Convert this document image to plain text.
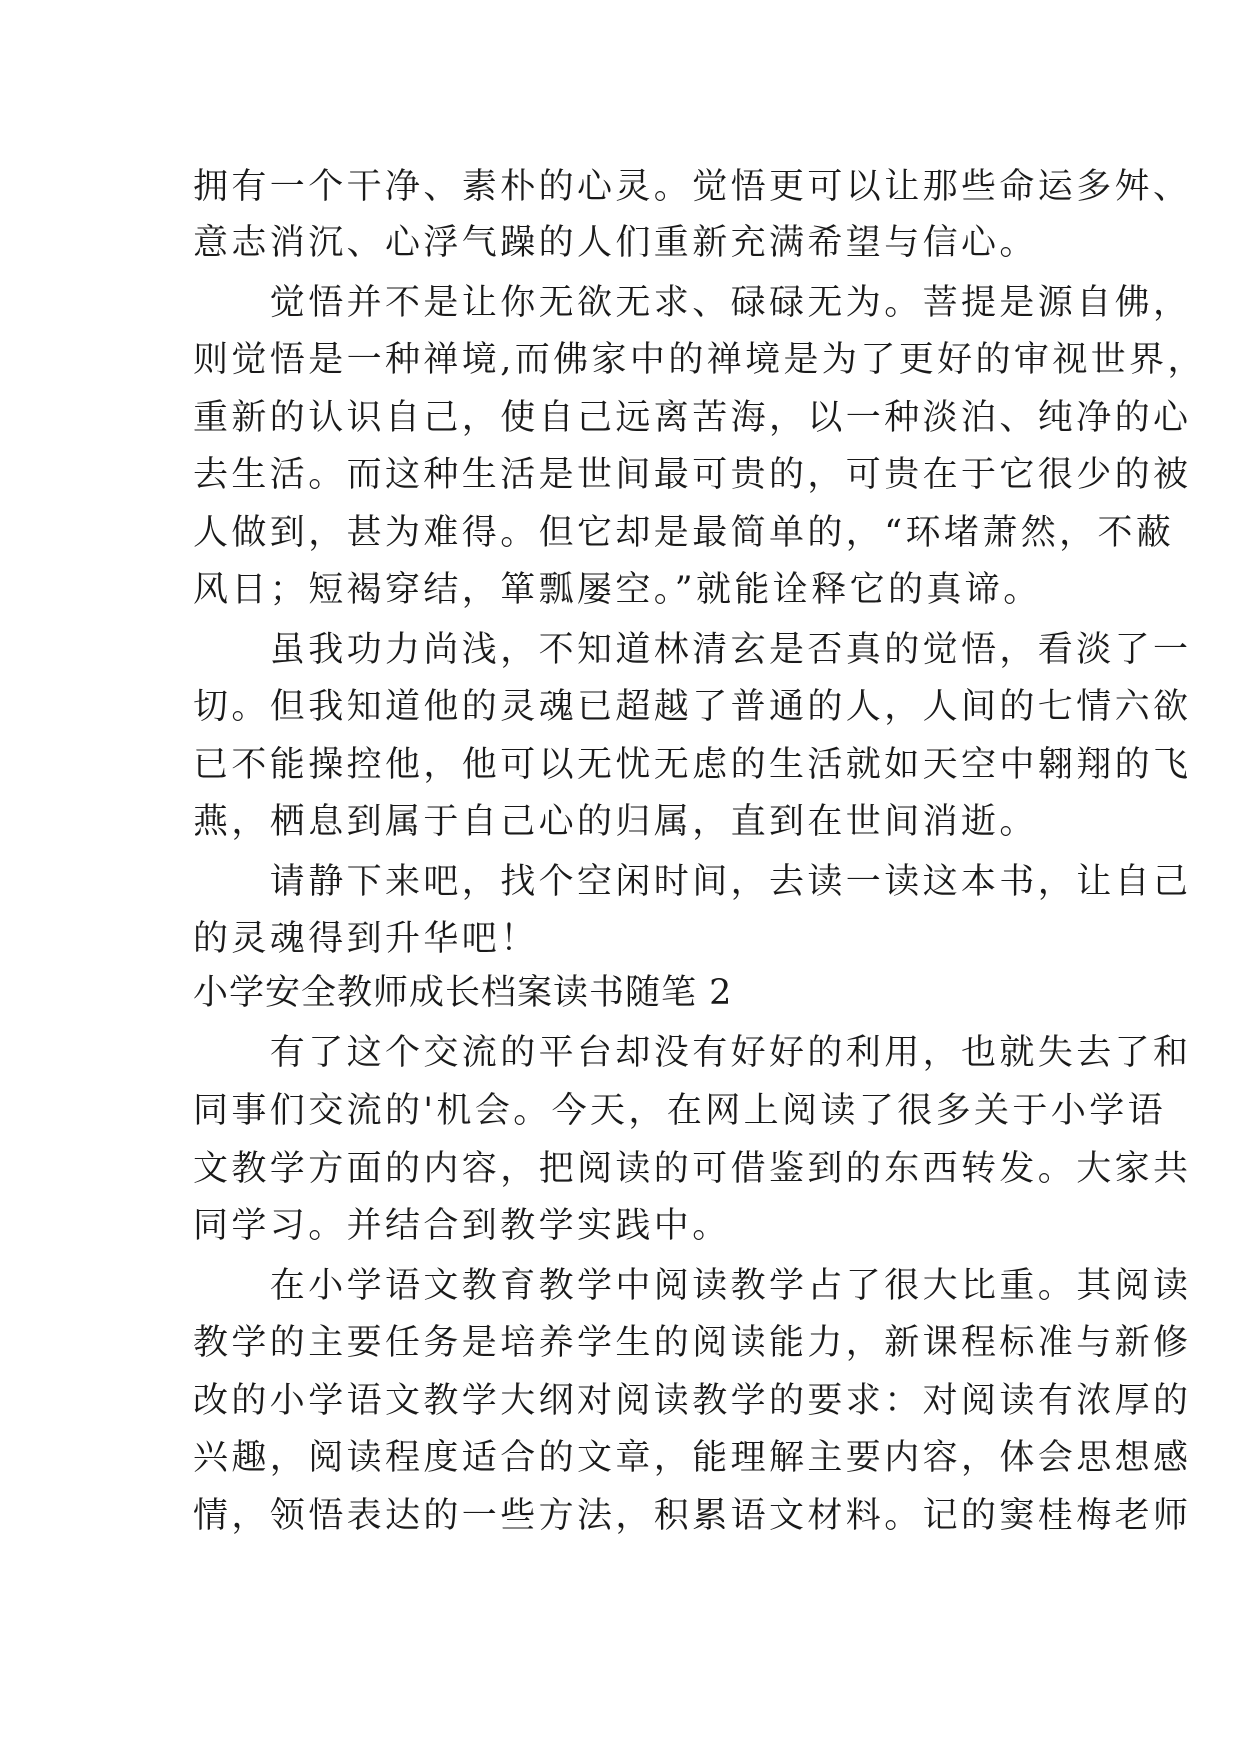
拥有一个干净、素朴的心灵。觉悟更可以让那些命运多舛、
意志消沉、心浮气躁的人们重新充满希望与信心。
　　觉悟并不是让你无欲无求、碌碌无为。菩提是源自佛，
则觉悟是一种禅境,而佛家中的禅境是为了更好的审视世界，
重新的认识自己，使自己远离苦海，以一种淡泊、纯净的心
去生活。而这种生活是世间最可贵的，可贵在于它很少的被
人做到，甚为难得。但它却是最简单的，“环堵萧然，不蔽
风日；短褐穿结，箪瓢屡空。”就能诠释它的真谛。
　　虽我功力尚浅，不知道林清玄是否真的觉悟，看淡了一
切。但我知道他的灵魂已超越了普通的人，人间的七情六欲
已不能操控他，他可以无忧无虑的生活就如天空中翱翔的飞
燕，栖息到属于自己心的归属，直到在世间消逝。
　　请静下来吧，找个空闲时间，去读一读这本书，让自己
的灵魂得到升华吧！
小学安全教师成长档案读书随笔 2
　　有了这个交流的平台却没有好好的利用，也就失去了和
同事们交流的'机会。今天，在网上阅读了很多关于小学语
文教学方面的内容，把阅读的可借鉴到的东西转发。大家共
同学习。并结合到教学实践中。
　　在小学语文教育教学中阅读教学占了很大比重。其阅读
教学的主要任务是培养学生的阅读能力，新课程标准与新修
改的小学语文教学大纲对阅读教学的要求：对阅读有浓厚的
兴趣，阅读程度适合的文章，能理解主要内容，体会思想感
情，领悟表达的一些方法，积累语文材料。记的窦桂梅老师
